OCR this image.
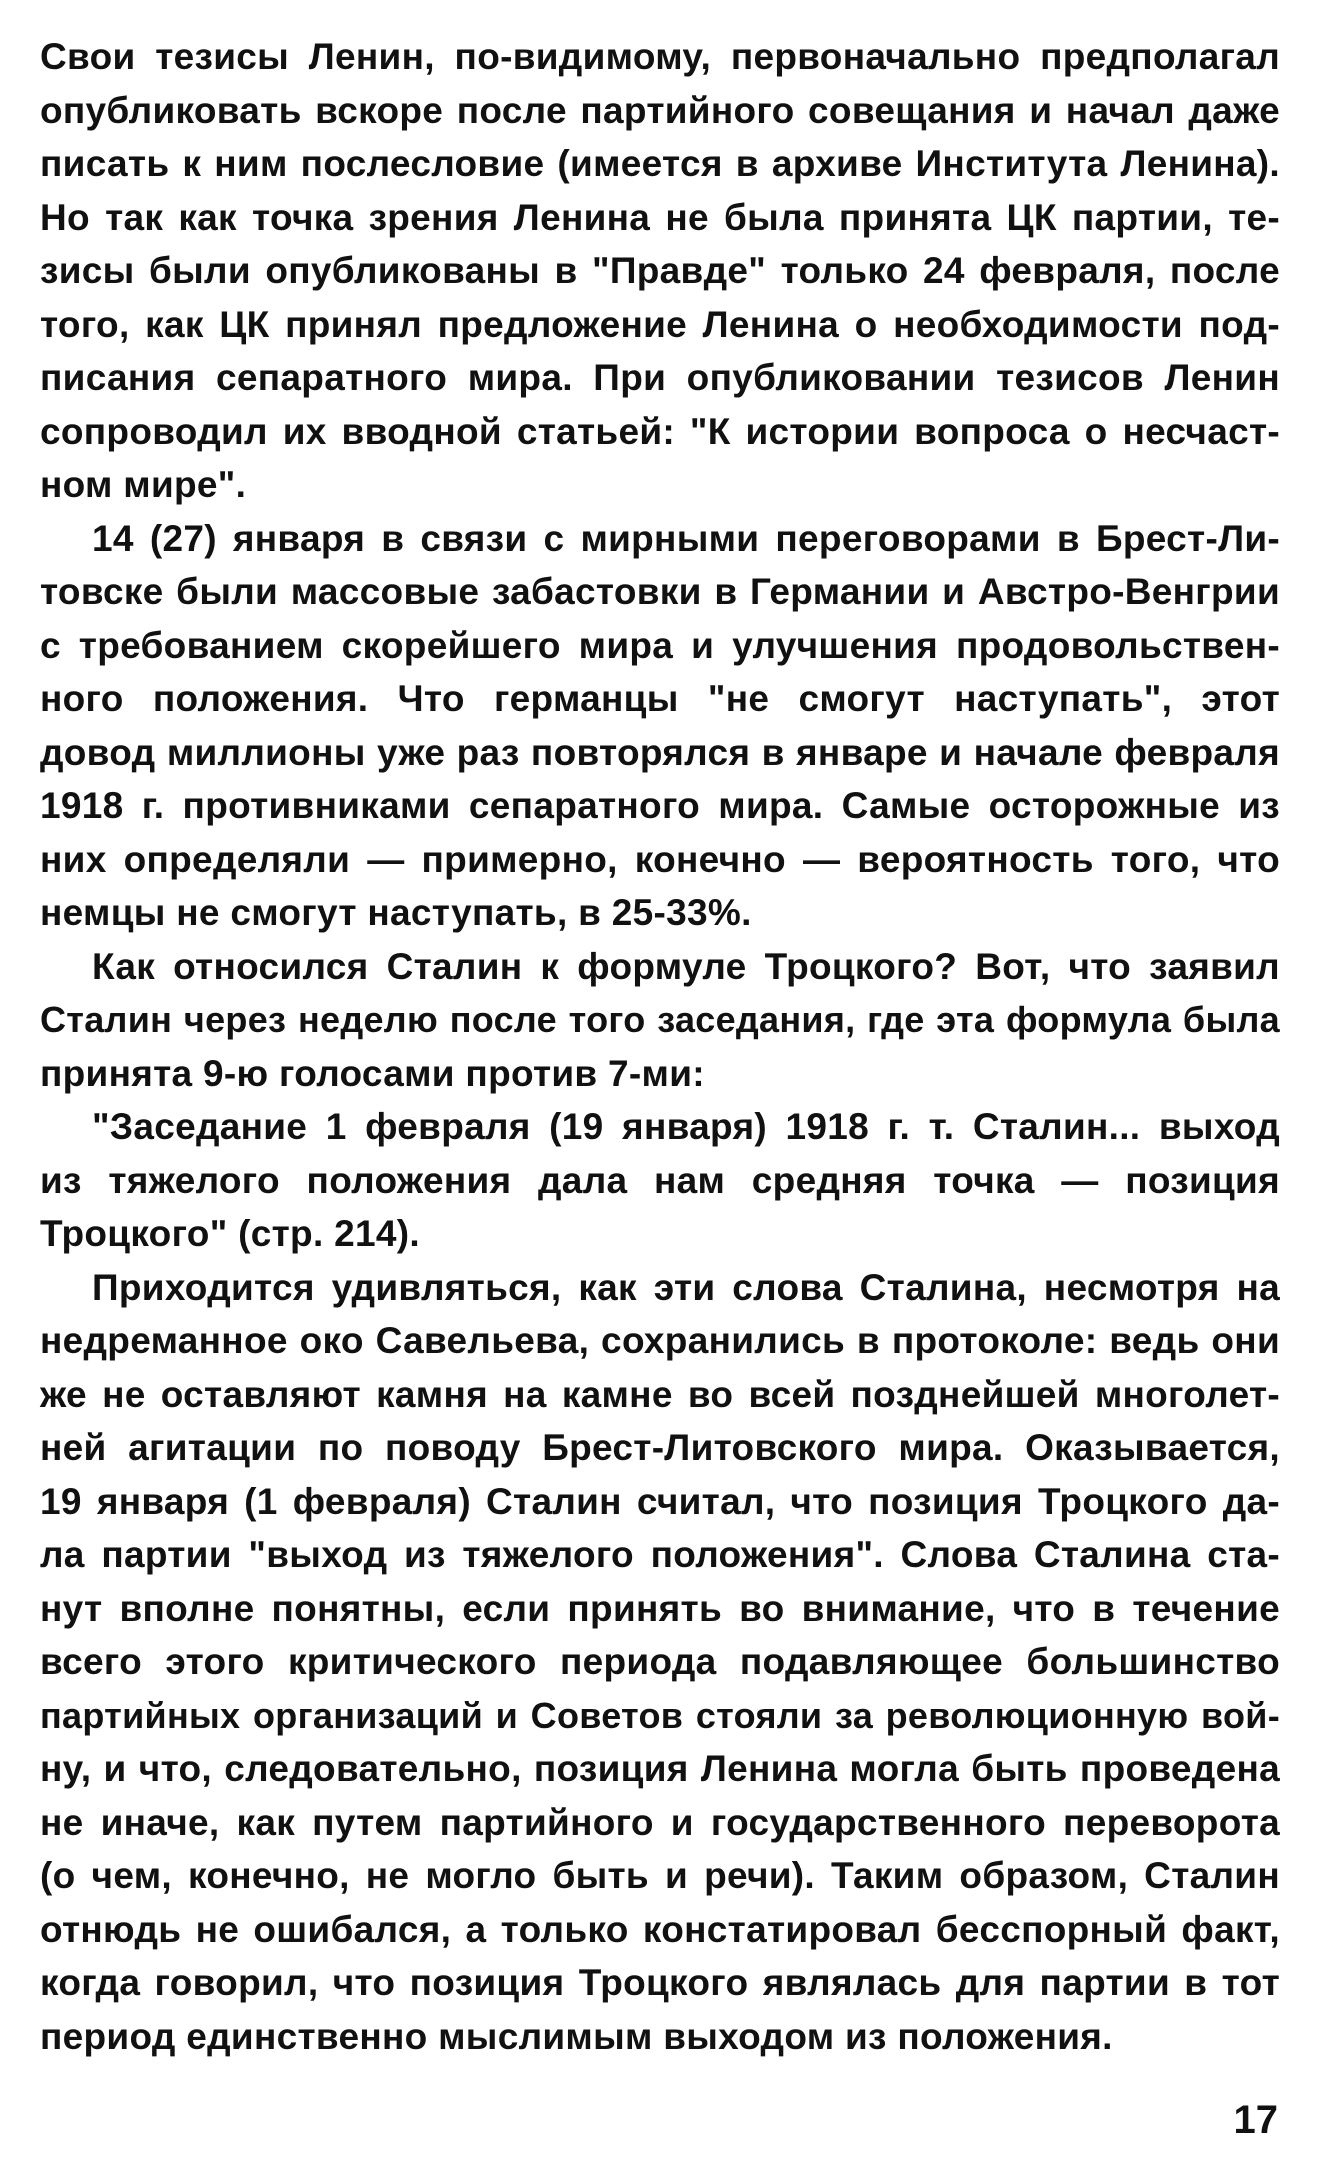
Свои тезисы Ленин, по-видимому, первоначально предполагал
опубликовать вскоре после партийного совещания и начал даже
писать к ним послесловие (имеется в архиве Института Ленина).
Но так как точка зрения Ленина не была принята ЦК партии, те-
зисы были опубликованы в "Правде" только 24 февраля, после
того, как ЦК принял предложение Ленина о необходимости под-
писания сепаратного мира. При опубликовании тезисов Ленин
сопроводил их вводной статьей: "К истории вопроса о несчаст-
ном мире".
14 (27) января в связи с мирными переговорами в Брест-Ли-
товске были массовые забастовки в Германии и Австро-Венгрии
с требованием скорейшего мира и улучшения продовольствен-
ного положения. Что германцы "не смогут наступать", этот
довод миллионы уже раз повторялся в январе и начале февраля
1918 г. противниками сепаратного мира. Самые осторожные из
них определяли — примерно, конечно — вероятность того, что
немцы не смогут наступать, в 25-33%.
Как относился Сталин к формуле Троцкого? Вот, что заявил
Сталин через неделю после того заседания, где эта формула была
принята 9-ю голосами против 7-ми:
"Заседание 1 февраля (19 января) 1918 г. т. Сталин... выход
из тяжелого положения дала нам средняя точка — позиция
Троцкого" (стр. 214).
Приходится удивляться, как эти слова Сталина, несмотря на
недреманное око Савельева, сохранились в протоколе: ведь они
же не оставляют камня на камне во всей позднейшей многолет-
ней агитации по поводу Брест-Литовского мира. Оказывается,
19 января (1 февраля) Сталин считал, что позиция Троцкого да-
ла партии "выход из тяжелого положения". Слова Сталина ста-
нут вполне понятны, если принять во внимание, что в течение
всего этого критического периода подавляющее большинство
партийных организаций и Советов стояли за революционную вой-
ну, и что, следовательно, позиция Ленина могла быть проведена
не иначе, как путем партийного и государственного переворота
(о чем, конечно, не могло быть и речи). Таким образом, Сталин
отнюдь не ошибался, а только констатировал бесспорный факт,
когда говорил, что позиция Троцкого являлась для партии в тот
период единственно мыслимым выходом из положения.
17
